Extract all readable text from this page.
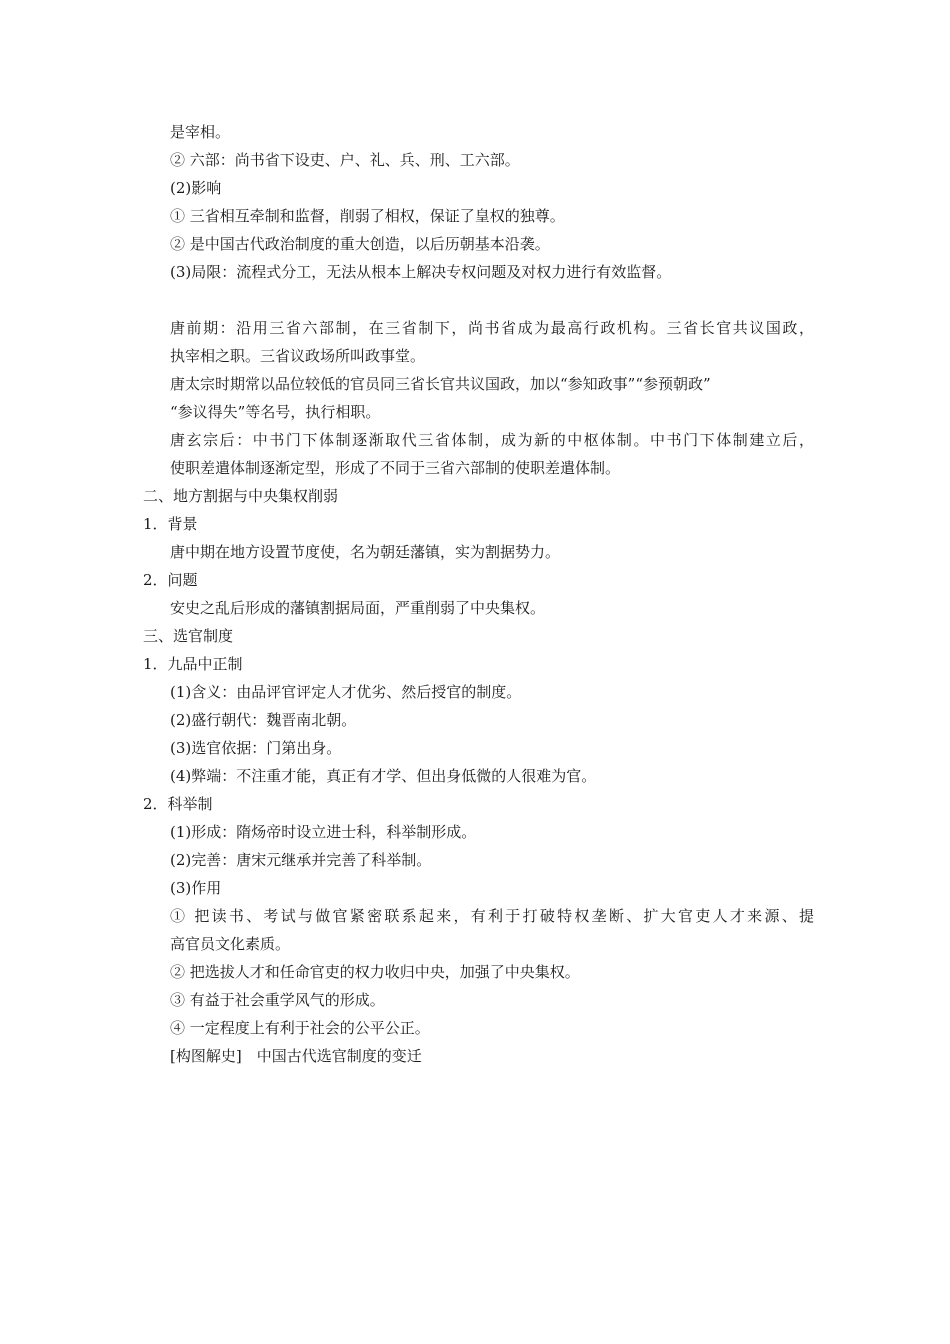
是宰相。
② 六部：尚书省下设吏、户、礼、兵、刑、工六部。
(2)影响
① 三省相互牵制和监督，削弱了相权，保证了皇权的独尊。
② 是中国古代政治制度的重大创造，以后历朝基本沿袭。
(3)局限：流程式分工，无法从根本上解决专权问题及对权力进行有效监督。
唐前期：沿用三省六部制，在三省制下，尚书省成为最高行政机构。三省长官共议国政，
执宰相之职。三省议政场所叫政事堂。
唐太宗时期常以品位较低的官员同三省长官共议国政，加以“参知政事”“参预朝政”
“参议得失”等名号，执行相职。
唐玄宗后：中书门下体制逐渐取代三省体制，成为新的中枢体制。中书门下体制建立后，
使职差遣体制逐渐定型，形成了不同于三省六部制的使职差遣体制。
二、地方割据与中央集权削弱
1．背景
唐中期在地方设置节度使，名为朝廷藩镇，实为割据势力。
2．问题
安史之乱后形成的藩镇割据局面，严重削弱了中央集权。
三、选官制度
1．九品中正制
(1)含义：由品评官评定人才优劣、然后授官的制度。
(2)盛行朝代：魏晋南北朝。
(3)选官依据：门第出身。
(4)弊端：不注重才能，真正有才学、但出身低微的人很难为官。
2．科举制
(1)形成：隋炀帝时设立进士科，科举制形成。
(2)完善：唐宋元继承并完善了科举制。
(3)作用
① 把读书、考试与做官紧密联系起来，有利于打破特权垄断、扩大官吏人才来源、提
高官员文化素质。
② 把选拔人才和任命官吏的权力收归中央，加强了中央集权。
③ 有益于社会重学风气的形成。
④ 一定程度上有利于社会的公平公正。
[构图解史]　中国古代选官制度的变迁
